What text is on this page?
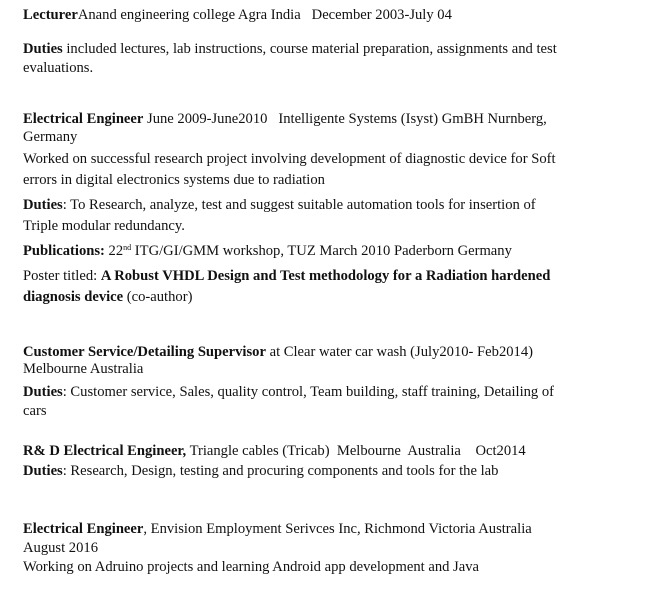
LecturerAnand engineering college Agra India   December 2003-July 04
Duties included lectures, lab instructions, course material preparation, assignments and test
evaluations.
Electrical Engineer June 2009-June2010   Intelligente Systems (Isyst) GmBH Nurnberg,
Germany
Worked on successful research project involving development of diagnostic device for Soft
errors in digital electronics systems due to radiation
Duties: To Research, analyze, test and suggest suitable automation tools for insertion of
Triple modular redundancy.
Publications: 22nd ITG/GI/GMM workshop, TUZ March 2010 Paderborn Germany
Poster titled: A Robust VHDL Design and Test methodology for a Radiation hardened
diagnosis device (co-author)
Customer Service/Detailing Supervisor at Clear water car wash (July2010- Feb2014)
Melbourne Australia
Duties: Customer service, Sales, quality control, Team building, staff training, Detailing of
cars
R& D Electrical Engineer, Triangle cables (Tricab)  Melbourne  Australia    Oct2014
Duties: Research, Design, testing and procuring components and tools for the lab
Electrical Engineer, Envision Employment Serivces Inc, Richmond Victoria Australia
August 2016
Working on Adruino projects and learning Android app development and Java
